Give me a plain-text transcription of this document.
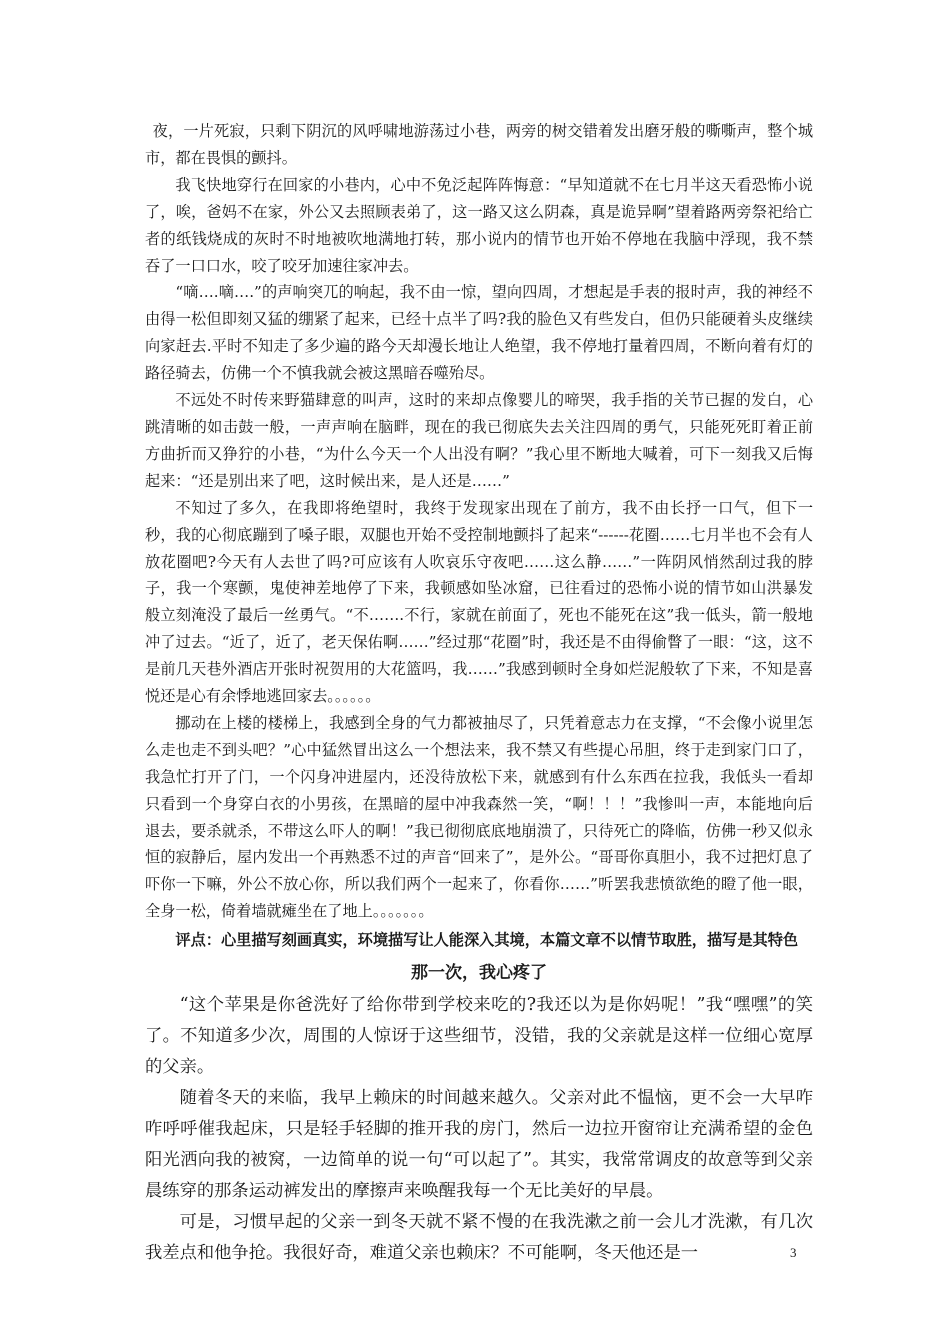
夜，一片死寂，只剩下阴沉的风呼啸地游荡过小巷，两旁的树交错着发出磨牙般的嘶嘶声，整个城市，都在畏惧的颤抖。

我飞快地穿行在回家的小巷内，心中不免泛起阵阵悔意：“早知道就不在七月半这天看恐怖小说了，唉，爸妈不在家，外公又去照顾表弟了，这一路又这么阴森，真是诡异啊”望着路两旁祭祀给亡者的纸钱烧成的灰时不时地被吹地满地打转，那小说内的情节也开始不停地在我脑中浮现，我不禁吞了一口口水，咬了咬牙加速往家冲去。

“嘀….嘀….”的声响突兀的响起，我不由一惊，望向四周，才想起是手表的报时声，我的神经不由得一松但即刻又猛的绷紧了起来，已经十点半了吗?我的脸色又有些发白，但仍只能硬着头皮继续向家赶去.平时不知走了多少遍的路今天却漫长地让人绝望，我不停地打量着四周，不断向着有灯的路径骑去，仿佛一个不慎我就会被这黑暗吞噬殆尽。

不远处不时传来野猫肆意的叫声，这时的来却点像婴儿的啼哭，我手指的关节已握的发白，心跳清晰的如击鼓一般，一声声响在脑畔，现在的我已彻底失去关注四周的勇气，只能死死盯着正前方曲折而又狰狞的小巷，“为什么今天一个人出没有啊？”我心里不断地大喊着，可下一刻我又后悔起来：“还是别出来了吧，这时候出来，是人还是……”

不知过了多久，在我即将绝望时，我终于发现家出现在了前方，我不由长抒一口气，但下一秒，我的心彻底蹦到了嗓子眼，双腿也开始不受控制地颤抖了起来“------花圈……七月半也不会有人放花圈吧?今天有人去世了吗?可应该有人吹哀乐守夜吧……这么静……”一阵阴风悄然刮过我的脖子，我一个寒颤，鬼使神差地停了下来，我顿感如坠冰窟，已往看过的恐怖小说的情节如山洪暴发般立刻淹没了最后一丝勇气。“不…….不行，家就在前面了，死也不能死在这”我一低头，箭一般地冲了过去。“近了，近了，老天保佑啊……”经过那“花圈”时，我还是不由得偷瞥了一眼：“这，这不是前几天巷外酒店开张时祝贺用的大花篮吗，我……”我感到顿时全身如烂泥般软了下来，不知是喜悦还是心有余悸地逃回家去。。。。。。

挪动在上楼的楼梯上，我感到全身的气力都被抽尽了，只凭着意志力在支撑，“不会像小说里怎么走也走不到头吧？”心中猛然冒出这么一个想法来，我不禁又有些提心吊胆，终于走到家门口了，我急忙打开了门，一个闪身冲进屋内，还没待放松下来，就感到有什么东西在拉我，我低头一看却只看到一个身穿白衣的小男孩，在黑暗的屋中冲我森然一笑，“啊！！！”我惨叫一声，本能地向后退去，要杀就杀，不带这么吓人的啊！”我已彻彻底底地崩溃了，只待死亡的降临，仿佛一秒又似永恒的寂静后，屋内发出一个再熟悉不过的声音“回来了”，是外公。“哥哥你真胆小，我不过把灯息了吓你一下嘛，外公不放心你，所以我们两个一起来了，你看你……”听罢我悲愤欲绝的瞪了他一眼，全身一松，倚着墙就瘫坐在了地上。。。。。。。

评点：心里描写刻画真实，环境描写让人能深入其境，本篇文章不以情节取胜，描写是其特色

那一次，我心疼了

“这个苹果是你爸洗好了给你带到学校来吃的?我还以为是你妈呢！”我“嘿嘿”的笑了。不知道多少次，周围的人惊讶于这些细节，没错，我的父亲就是这样一位细心宽厚的父亲。

随着冬天的来临，我早上赖床的时间越来越久。父亲对此不愠恼，更不会一大早咋咋呼呼催我起床，只是轻手轻脚的推开我的房门，然后一边拉开窗帘让充满希望的金色阳光洒向我的被窝，一边简单的说一句“可以起了”。其实，我常常调皮的故意等到父亲晨练穿的那条运动裤发出的摩擦声来唤醒我每一个无比美好的早晨。

可是，习惯早起的父亲一到冬天就不紧不慢的在我洗漱之前一会儿才洗漱，有几次我差点和他争抢。我很好奇，难道父亲也赖床？不可能啊，冬天他还是一	3
